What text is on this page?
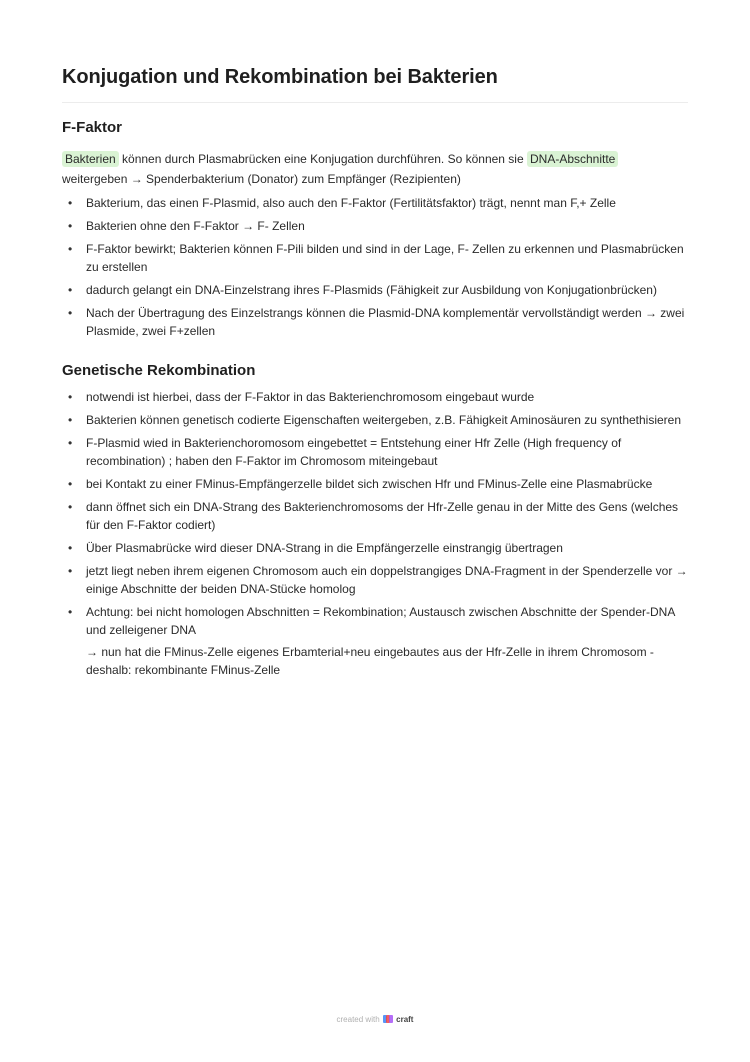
Konjugation und Rekombination bei Bakterien
F-Faktor

Bakterien können durch Plasmabrücken eine Konjugation durchführen. So können sie DNA-Abschnitte
weitergeben → Spenderbakterium (Donator) zum Empfänger (Rezipienten)

• Bakterium, das einen F-Plasmid, also auch den F-Faktor (Fertilitätsfaktor) trägt, nennt man F,+ Zelle
• Bakterien ohne den F-Faktor → F- Zellen
• F-Faktor bewirkt; Bakterien können F-Pili bilden und sind in der Lage, F- Zellen zu erkennen und Plasmabrücken zu erstellen
• dadurch gelangt ein DNA-Einzelstrang ihres F-Plasmids (Fähigkeit zur Ausbildung von Konjugationbrücken)
• Nach der Übertragung des Einzelstrangs können die Plasmid-DNA komplementär vervollständigt werden → zwei Plasmide, zwei F+zellen
Genetische Rekombination
• notwendi ist hierbei, dass der F-Faktor in das Bakterienchromosom eingebaut wurde
• Bakterien können genetisch codierte Eigenschaften weitergeben, z.B. Fähigkeit Aminosäuren zu synthethisieren
• F-Plasmid wied in Bakterienchoromosom eingebettet = Entstehung einer Hfr Zelle (High frequency of recombination) ; haben den F-Faktor im Chromosom miteingebaut
• bei Kontakt zu einer FMinus-Empfängerzelle bildet sich zwischen Hfr und FMinus-Zelle eine Plasmabrücke
• dann öffnet sich ein DNA-Strang des Bakterienchromosoms der Hfr-Zelle genau in der Mitte des Gens (welches für den F-Faktor codiert)
• Über Plasmabrücke wird dieser DNA-Strang in die Empfängerzelle einstrangig übertragen
• jetzt liegt neben ihrem eigenen Chromosom auch ein doppelstrangiges DNA-Fragment in der Spenderzelle vor → einige Abschnitte der beiden DNA-Stücke homolog
• Achtung: bei nicht homologen Abschnitten = Rekombination; Austausch zwischen Abschnitte der Spender-DNA und zelleigener DNA

→ nun hat die FMinus-Zelle eigenes Erbamterial+neu eingebautes aus der Hfr-Zelle in ihrem Chromosom - deshalb: rekombinante FMinus-Zelle

created with craft
